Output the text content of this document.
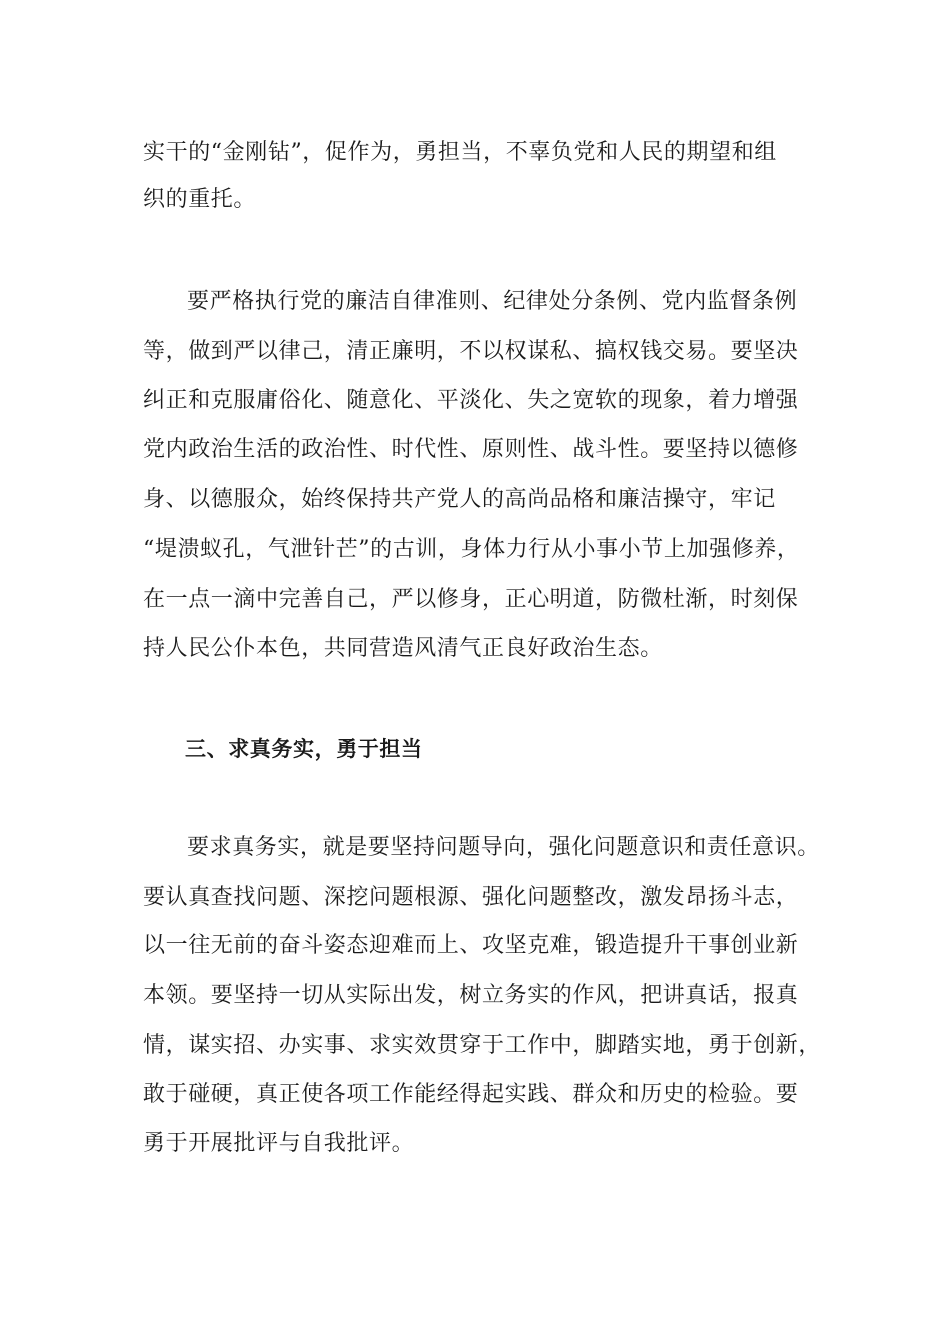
实干的“金刚钻”，促作为，勇担当，不辜负党和人民的期望和组
织的重托。
要严格执行党的廉洁自律准则、纪律处分条例、党内监督条例
等，做到严以律己，清正廉明，不以权谋私、搞权钱交易。要坚决
纠正和克服庸俗化、随意化、平淡化、失之宽软的现象，着力增强
党内政治生活的政治性、时代性、原则性、战斗性。要坚持以德修
身、以德服众，始终保持共产党人的高尚品格和廉洁操守，牢记
“堤溃蚁孔，气泄针芒”的古训，身体力行从小事小节上加强修养，
在一点一滴中完善自己，严以修身，正心明道，防微杜渐，时刻保
持人民公仆本色，共同营造风清气正良好政治生态。
三、求真务实，勇于担当
要求真务实，就是要坚持问题导向，强化问题意识和责任意识。
要认真查找问题、深挖问题根源、强化问题整改，激发昂扬斗志，
以一往无前的奋斗姿态迎难而上、攻坚克难，锻造提升干事创业新
本领。要坚持一切从实际出发，树立务实的作风，把讲真话，报真
情，谋实招、办实事、求实效贯穿于工作中，脚踏实地，勇于创新，
敢于碰硬，真正使各项工作能经得起实践、群众和历史的检验。要
勇于开展批评与自我批评。
